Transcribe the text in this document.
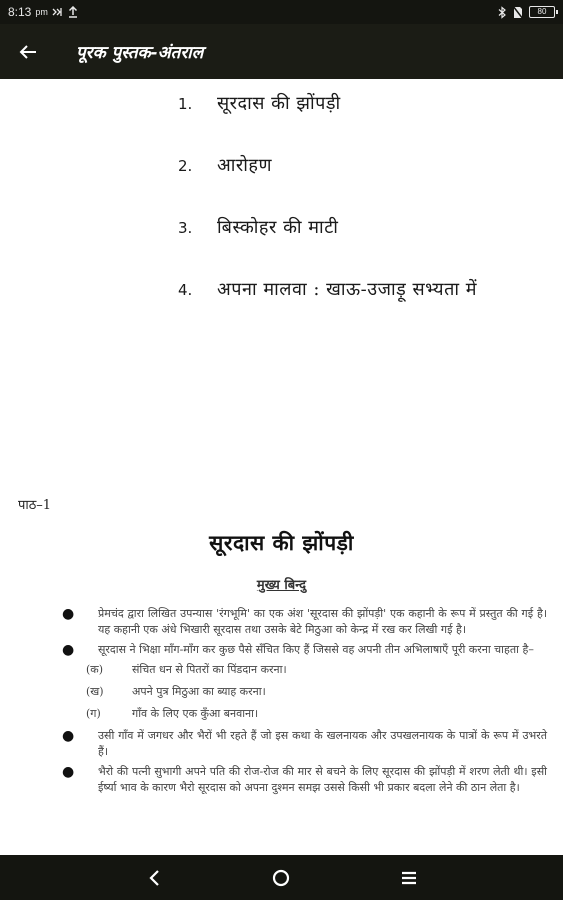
8:13 pm	80
पूरक पुस्तक-अंतराल
1.	सूरदास की झोंपड़ी
2.	आरोहण
3.	बिस्कोहर की माटी
4.	अपना मालवा : खाऊ-उजाड़ू सभ्यता में
पाठ–1
सूरदास की झोंपड़ी
मुख्य बिन्दु
●	प्रेमचंद द्वारा लिखित उपन्यास 'रंगभूमि' का एक अंश 'सूरदास की झोंपड़ी' एक कहानी के रूप में प्रस्तुत की गई है। यह कहानी एक अंधे भिखारी सूरदास तथा उसके बेटे मिठुआ को केन्द्र में रख कर लिखी गई है।
●	सूरदास ने भिक्षा माँग-माँग कर कुछ पैसे सँचित किए हैं जिससे वह अपनी तीन अभिलाषाएँ पूरी करना चाहता है–
(क)	संचित धन से पितरों का पिंडदान करना।
(ख)	अपने पुत्र मिठुआ का ब्याह करना।
(ग)	गाँव के लिए एक कुँआ बनवाना।
●	उसी गाँव में जगधर और भैरों भी रहते हैं जो इस कथा के खलनायक और उपखलनायक के पात्रों के रूप में उभरते हैं।
●	भैरो की पत्नी सुभागी अपने पति की रोज-रोज की मार से बचने के लिए सूरदास की झोंपड़ी में शरण लेती थी। इसी ईर्ष्या भाव के कारण भैरो सूरदास को अपना दुश्मन समझ उससे किसी भी प्रकार बदला लेने की ठान लेता है।
